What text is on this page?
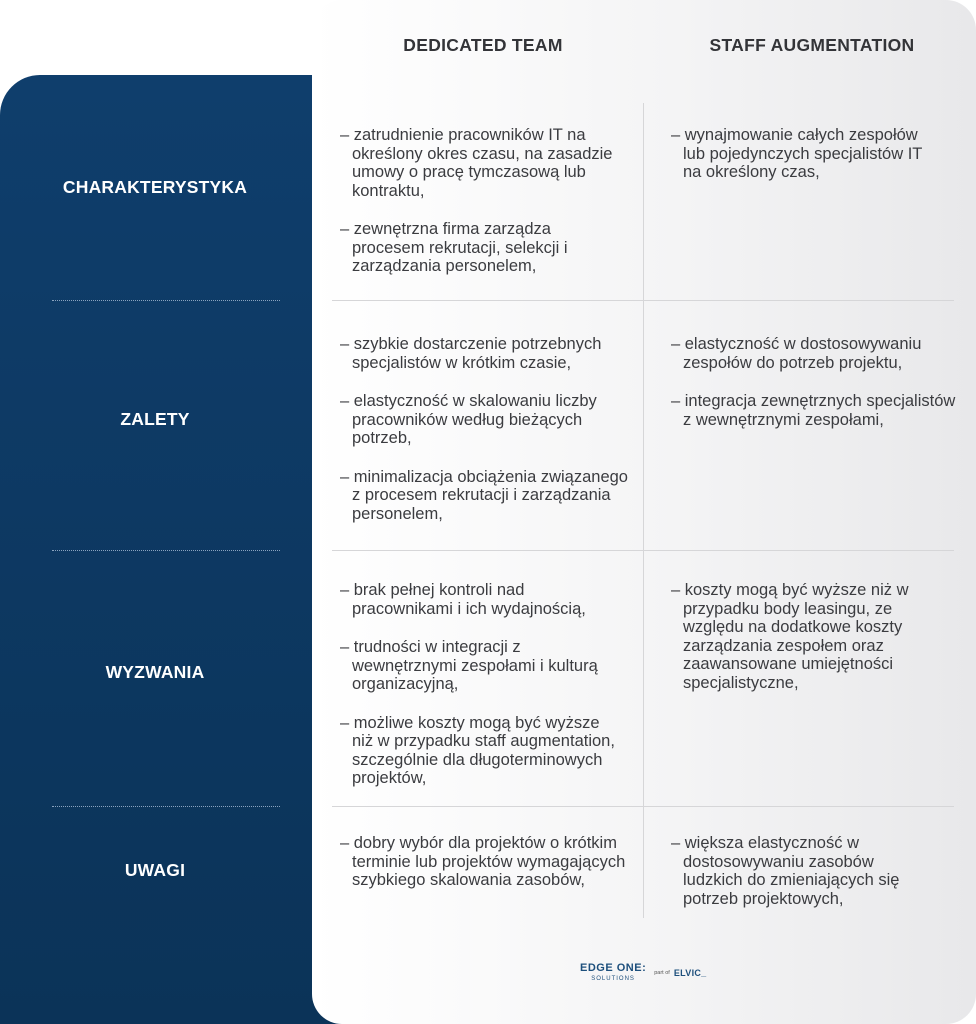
DEDICATED TEAM	STAFF AUGMENTATION
CHARAKTERYSTYKA
ZALETY
WYZWANIA
UWAGI

– zatrudnienie pracowników IT na określony okres czasu, na zasadzie umowy o pracę tymczasową lub kontraktu,

– zewnętrzna firma zarządza procesem rekrutacji, selekcji i zarządzania personelem,

– wynajmowanie całych zespołów lub pojedynczych specjalistów IT na określony czas,

– szybkie dostarczenie potrzebnych specjalistów w krótkim czasie,

– elastyczność w skalowaniu liczby pracowników według bieżących potrzeb,

– minimalizacja obciążenia związanego z procesem rekrutacji i zarządzania personelem,

– elastyczność w dostosowywaniu zespołów do potrzeb projektu,

– integracja zewnętrznych specjalistów z wewnętrznymi zespołami,

– brak pełnej kontroli nad pracownikami i ich wydajnością,

– trudności w integracji z wewnętrznymi zespołami i kulturą organizacyjną,

– możliwe koszty mogą być wyższe niż w przypadku staff augmentation, szczególnie dla długoterminowych projektów,

– koszty mogą być wyższe niż w przypadku body leasingu, ze względu na dodatkowe koszty zarządzania zespołem oraz zaawansowane umiejętności specjalistyczne,

– dobry wybór dla projektów o krótkim terminie lub projektów wymagających szybkiego skalowania zasobów,

– większa elastyczność w dostosowywaniu zasobów ludzkich do zmieniających się potrzeb projektowych,

EDGE ONE:
SOLUTIONS
part of ELVIC_
